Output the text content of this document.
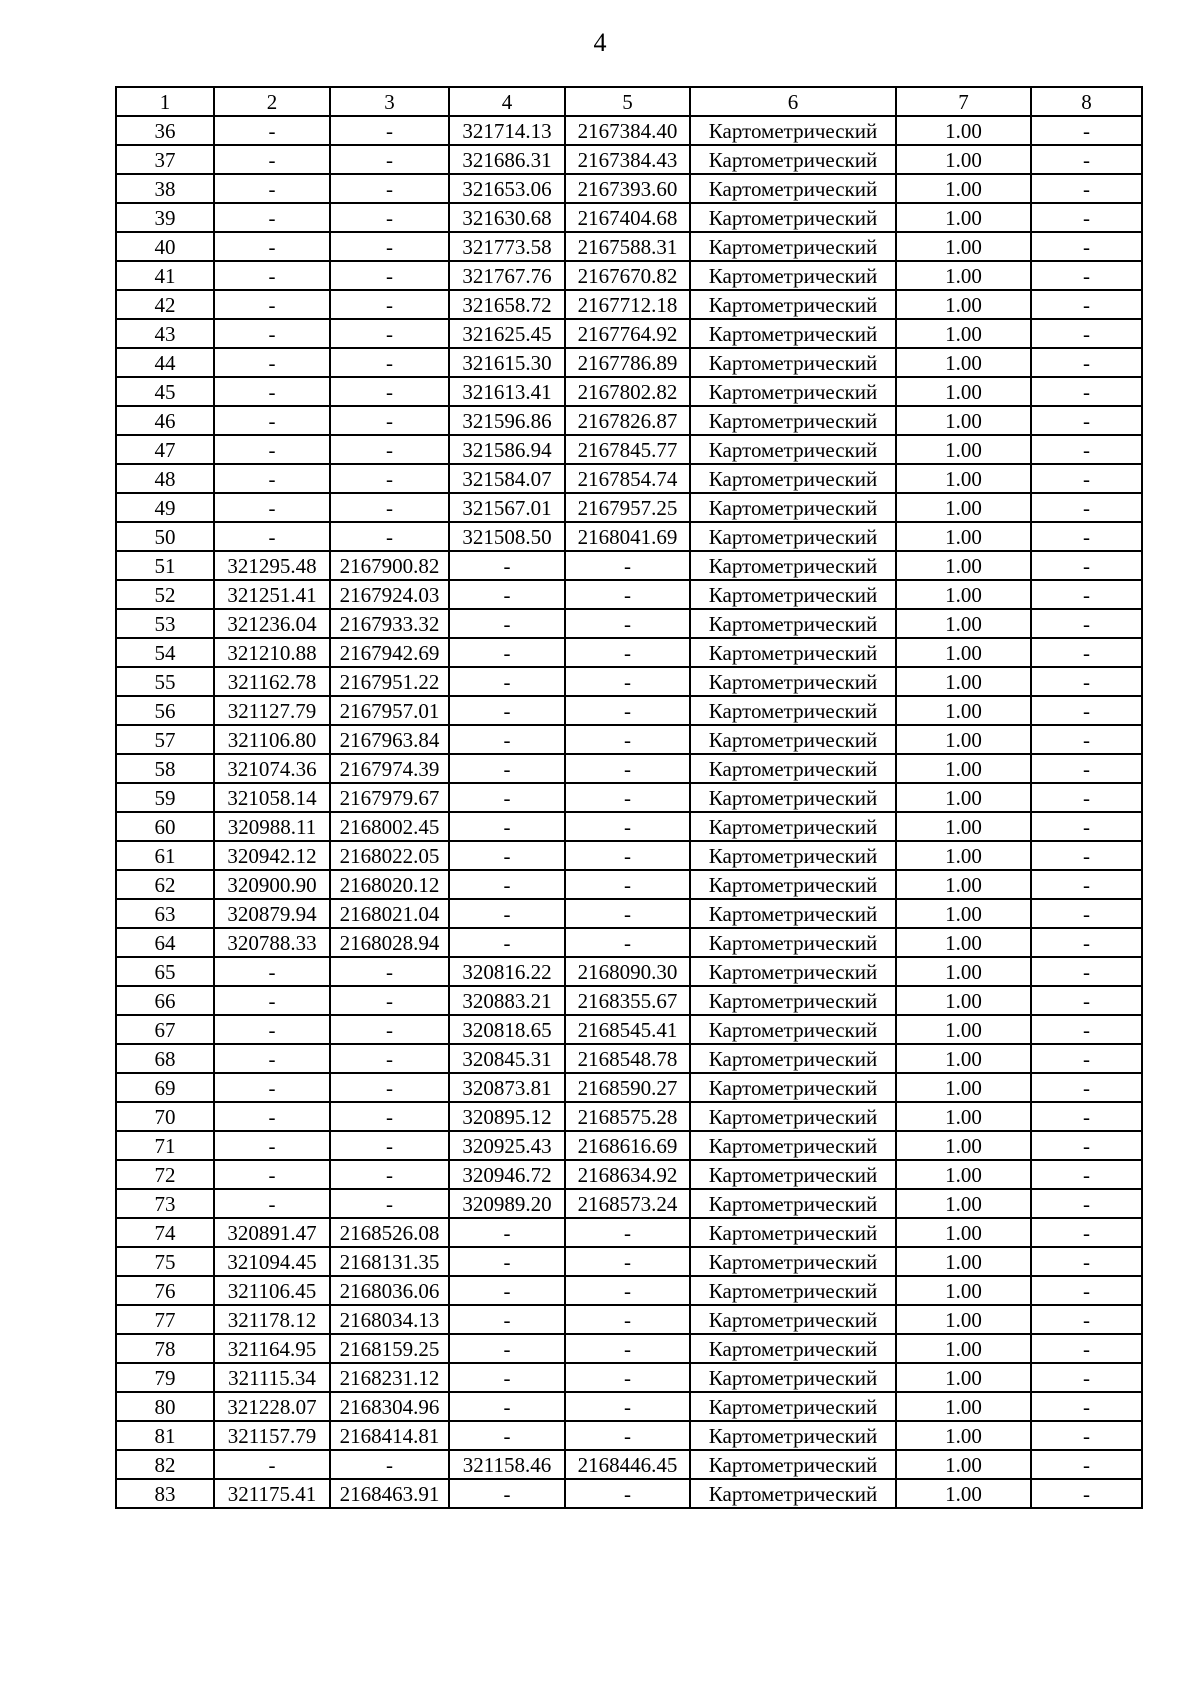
4
1	2	3	4	5	6	7	8
36	-	-	321714.13	2167384.40	Картометрический	1.00	-
37	-	-	321686.31	2167384.43	Картометрический	1.00	-
38	-	-	321653.06	2167393.60	Картометрический	1.00	-
39	-	-	321630.68	2167404.68	Картометрический	1.00	-
40	-	-	321773.58	2167588.31	Картометрический	1.00	-
41	-	-	321767.76	2167670.82	Картометрический	1.00	-
42	-	-	321658.72	2167712.18	Картометрический	1.00	-
43	-	-	321625.45	2167764.92	Картометрический	1.00	-
44	-	-	321615.30	2167786.89	Картометрический	1.00	-
45	-	-	321613.41	2167802.82	Картометрический	1.00	-
46	-	-	321596.86	2167826.87	Картометрический	1.00	-
47	-	-	321586.94	2167845.77	Картометрический	1.00	-
48	-	-	321584.07	2167854.74	Картометрический	1.00	-
49	-	-	321567.01	2167957.25	Картометрический	1.00	-
50	-	-	321508.50	2168041.69	Картометрический	1.00	-
51	321295.48	2167900.82	-	-	Картометрический	1.00	-
52	321251.41	2167924.03	-	-	Картометрический	1.00	-
53	321236.04	2167933.32	-	-	Картометрический	1.00	-
54	321210.88	2167942.69	-	-	Картометрический	1.00	-
55	321162.78	2167951.22	-	-	Картометрический	1.00	-
56	321127.79	2167957.01	-	-	Картометрический	1.00	-
57	321106.80	2167963.84	-	-	Картометрический	1.00	-
58	321074.36	2167974.39	-	-	Картометрический	1.00	-
59	321058.14	2167979.67	-	-	Картометрический	1.00	-
60	320988.11	2168002.45	-	-	Картометрический	1.00	-
61	320942.12	2168022.05	-	-	Картометрический	1.00	-
62	320900.90	2168020.12	-	-	Картометрический	1.00	-
63	320879.94	2168021.04	-	-	Картометрический	1.00	-
64	320788.33	2168028.94	-	-	Картометрический	1.00	-
65	-	-	320816.22	2168090.30	Картометрический	1.00	-
66	-	-	320883.21	2168355.67	Картометрический	1.00	-
67	-	-	320818.65	2168545.41	Картометрический	1.00	-
68	-	-	320845.31	2168548.78	Картометрический	1.00	-
69	-	-	320873.81	2168590.27	Картометрический	1.00	-
70	-	-	320895.12	2168575.28	Картометрический	1.00	-
71	-	-	320925.43	2168616.69	Картометрический	1.00	-
72	-	-	320946.72	2168634.92	Картометрический	1.00	-
73	-	-	320989.20	2168573.24	Картометрический	1.00	-
74	320891.47	2168526.08	-	-	Картометрический	1.00	-
75	321094.45	2168131.35	-	-	Картометрический	1.00	-
76	321106.45	2168036.06	-	-	Картометрический	1.00	-
77	321178.12	2168034.13	-	-	Картометрический	1.00	-
78	321164.95	2168159.25	-	-	Картометрический	1.00	-
79	321115.34	2168231.12	-	-	Картометрический	1.00	-
80	321228.07	2168304.96	-	-	Картометрический	1.00	-
81	321157.79	2168414.81	-	-	Картометрический	1.00	-
82	-	-	321158.46	2168446.45	Картометрический	1.00	-
83	321175.41	2168463.91	-	-	Картометрический	1.00	-
